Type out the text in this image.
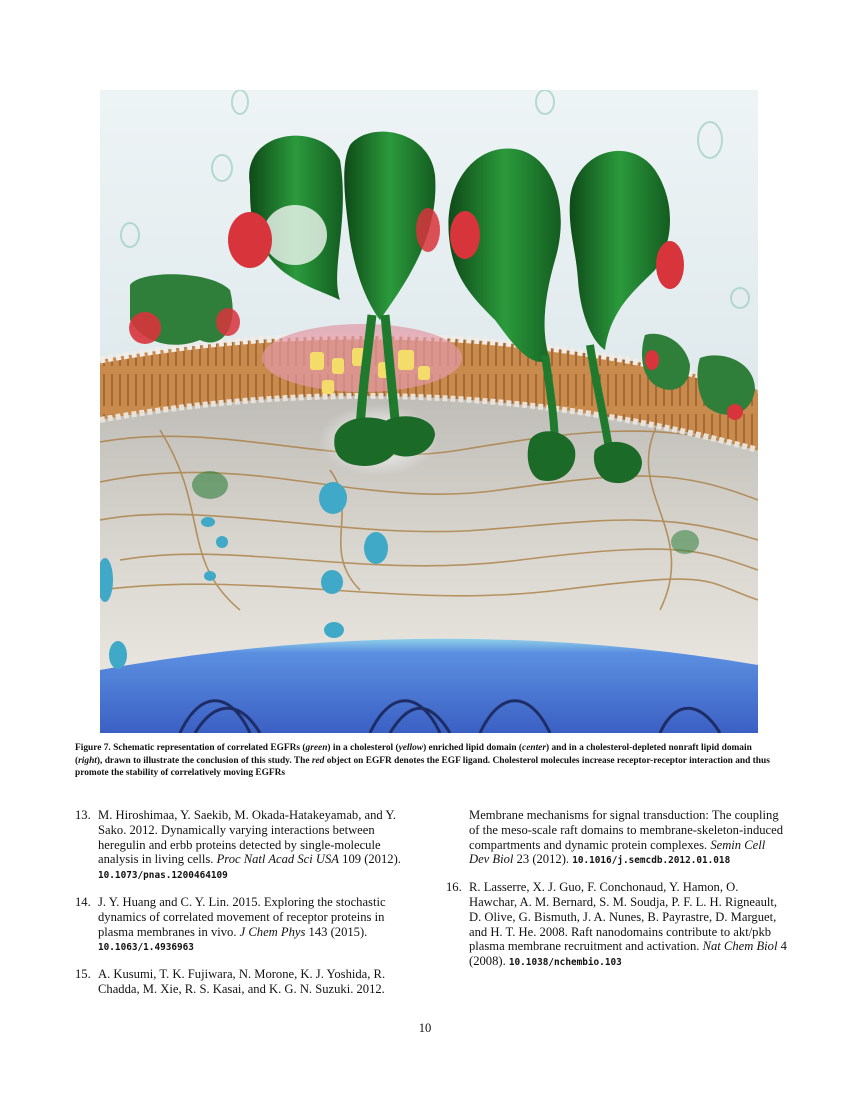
Figure 7. Schematic representation of correlated EGFRs (green) in a cholesterol (yellow) enriched lipid domain (center) and in a cholesterol-depleted nonraft lipid domain (right), drawn to illustrate the conclusion of this study. The red object on EGFR denotes the EGF ligand. Cholesterol molecules increase receptor-receptor interaction and thus promote the stability of correlatively moving EGFRs
13. M. Hiroshimaa, Y. Saekib, M. Okada-Hatakeyamab, and Y. Sako. 2012. Dynamically varying interactions between heregulin and erbb proteins detected by single-molecule analysis in living cells. Proc Natl Acad Sci USA 109 (2012). 10.1073/pnas.1200464109
14. J. Y. Huang and C. Y. Lin. 2015. Exploring the stochastic dynamics of correlated movement of receptor proteins in plasma membranes in vivo. J Chem Phys 143 (2015). 10.1063/1.4936963
15. A. Kusumi, T. K. Fujiwara, N. Morone, K. J. Yoshida, R. Chadda, M. Xie, R. S. Kasai, and K. G. N. Suzuki. 2012.
Membrane mechanisms for signal transduction: The coupling of the meso-scale raft domains to membrane-skeleton-induced compartments and dynamic protein complexes. Semin Cell Dev Biol 23 (2012). 10.1016/j.semcdb.2012.01.018
16. R. Lasserre, X. J. Guo, F. Conchonaud, Y. Hamon, O. Hawchar, A. M. Bernard, S. M. Soudja, P. F. L. H. Rigneault, D. Olive, G. Bismuth, J. A. Nunes, B. Payrastre, D. Marguet, and H. T. He. 2008. Raft nanodomains contribute to akt/pkb plasma membrane recruitment and activation. Nat Chem Biol 4 (2008). 10.1038/nchembio.103
10
